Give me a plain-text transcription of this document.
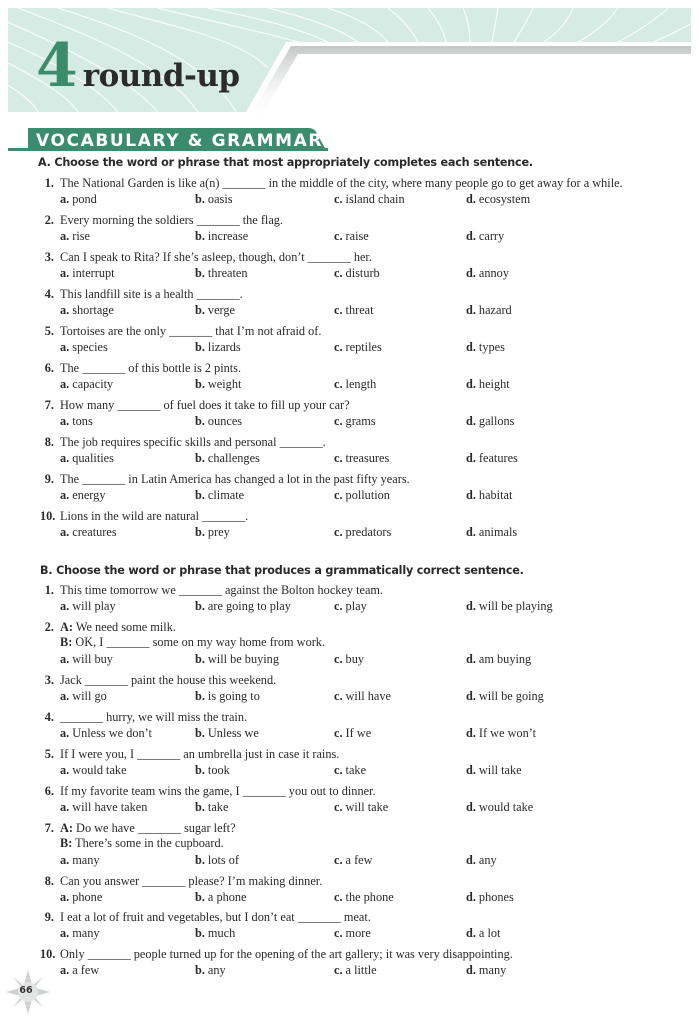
4 round-up
VOCABULARY & GRAMMAR
A. Choose the word or phrase that most appropriately completes each sentence.
1. The National Garden is like a(n) _______ in the middle of the city, where many people go to get away for a while.
a. pond	b. oasis	c. island chain	d. ecosystem
2. Every morning the soldiers _______ the flag.
a. rise	b. increase	c. raise	d. carry
3. Can I speak to Rita? If she’s asleep, though, don’t _______ her.
a. interrupt	b. threaten	c. disturb	d. annoy
4. This landfill site is a health _______.
a. shortage	b. verge	c. threat	d. hazard
5. Tortoises are the only _______ that I’m not afraid of.
a. species	b. lizards	c. reptiles	d. types
6. The _______ of this bottle is 2 pints.
a. capacity	b. weight	c. length	d. height
7. How many _______ of fuel does it take to fill up your car?
a. tons	b. ounces	c. grams	d. gallons
8. The job requires specific skills and personal _______.
a. qualities	b. challenges	c. treasures	d. features
9. The _______ in Latin America has changed a lot in the past fifty years.
a. energy	b. climate	c. pollution	d. habitat
10. Lions in the wild are natural _______.
a. creatures	b. prey	c. predators	d. animals
B. Choose the word or phrase that produces a grammatically correct sentence.
1. This time tomorrow we _______ against the Bolton hockey team.
a. will play	b. are going to play	c. play	d. will be playing
2. A: We need some milk.
B: OK, I _______ some on my way home from work.
a. will buy	b. will be buying	c. buy	d. am buying
3. Jack _______ paint the house this weekend.
a. will go	b. is going to	c. will have	d. will be going
4. _______ hurry, we will miss the train.
a. Unless we don’t	b. Unless we	c. If we	d. If we won’t
5. If I were you, I _______ an umbrella just in case it rains.
a. would take	b. took	c. take	d. will take
6. If my favorite team wins the game, I _______ you out to dinner.
a. will have taken	b. take	c. will take	d. would take
7. A: Do we have _______ sugar left?
B: There’s some in the cupboard.
a. many	b. lots of	c. a few	d. any
8. Can you answer _______ please? I’m making dinner.
a. phone	b. a phone	c. the phone	d. phones
9. I eat a lot of fruit and vegetables, but I don’t eat _______ meat.
a. many	b. much	c. more	d. a lot
10. Only _______ people turned up for the opening of the art gallery; it was very disappointing.
a. a few	b. any	c. a little	d. many
66
